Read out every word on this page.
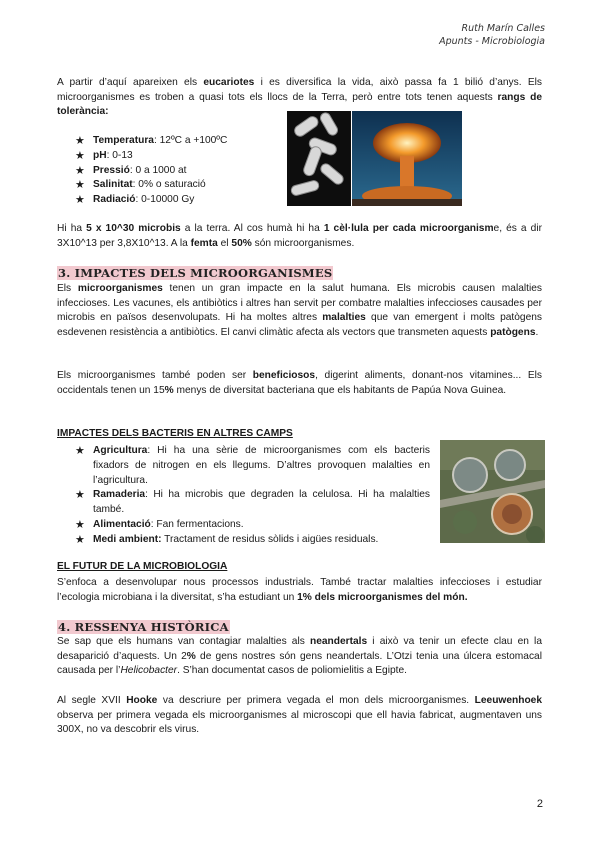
Ruth Marín Calles
Apunts - Microbiologia
A partir d’aquí apareixen els eucariotes i es diversifica la vida, això passa fa 1 bilió d’anys. Els microorganismes es troben a quasi tots els llocs de la Terra, però entre tots tenen aquests rangs de tolerància:
★ Temperatura: 12ºC a +100ºC
★ pH: 0-13
★ Pressió: 0 a 1000 at
★ Salinitat: 0% o saturació
★ Radiació: 0-10000 Gy
Hi ha 5 x 10^30 microbis a la terra. Al cos humà hi ha 1 cèl·lula per cada microorganisme, és a dir 3X10^13 per 3,8X10^13. A la femta el 50% són microorganismes.
3. IMPACTES DELS MICROORGANISMES
Els microorganismes tenen un gran impacte en la salut humana. Els microbis causen malalties infeccioses. Les vacunes, els antibiòtics i altres han servit per combatre malalties infeccioses causades per microbis en països desenvolupats. Hi ha moltes altres malalties que van emergent i molts patògens esdevenen resistència a antibiòtics. El canvi climàtic afecta als vectors que transmeten aquests patògens.
Els microorganismes també poden ser beneficiosos, digerint aliments, donant-nos vitamines... Els occidentals tenen un 15% menys de diversitat bacteriana que els habitants de Papúa Nova Guinea.
IMPACTES DELS BACTERIS EN ALTRES CAMPS
★ Agricultura: Hi ha una sèrie de microorganismes com els bacteris fixadors de nitrogen en els llegums. D’altres provoquen malalties en l’agricultura.
★ Ramaderia: Hi ha microbis que degraden la celulosa. Hi ha malalties també.
★ Alimentació: Fan fermentacions.
★ Medi ambient: Tractament de residus sòlids i aigües residuals.
EL FUTUR DE LA MICROBIOLOGIA
S’enfoca a desenvolupar nous processos industrials. També tractar malalties infeccioses i estudiar l’ecologia microbiana i la diversitat, s’ha estudiant un 1% dels microorganismes del món.
4. RESSENYA HISTÒRICA
Se sap que els humans van contagiar malalties als neandertals i això va tenir un efecte clau en la desaparició d’aquests. Un 2% de gens nostres són gens neandertals. L’Otzi tenia una úlcera estomacal causada per l’Helicobacter. S’han documentat casos de poliomielitis a Egipte.
Al segle XVII Hooke va descriure per primera vegada el mon dels microorganismes. Leeuwenhoek observa per primera vegada els microorganismes al microscopi que ell havia fabricat, augmentaven uns 300X, no va descobrir els virus.
2
